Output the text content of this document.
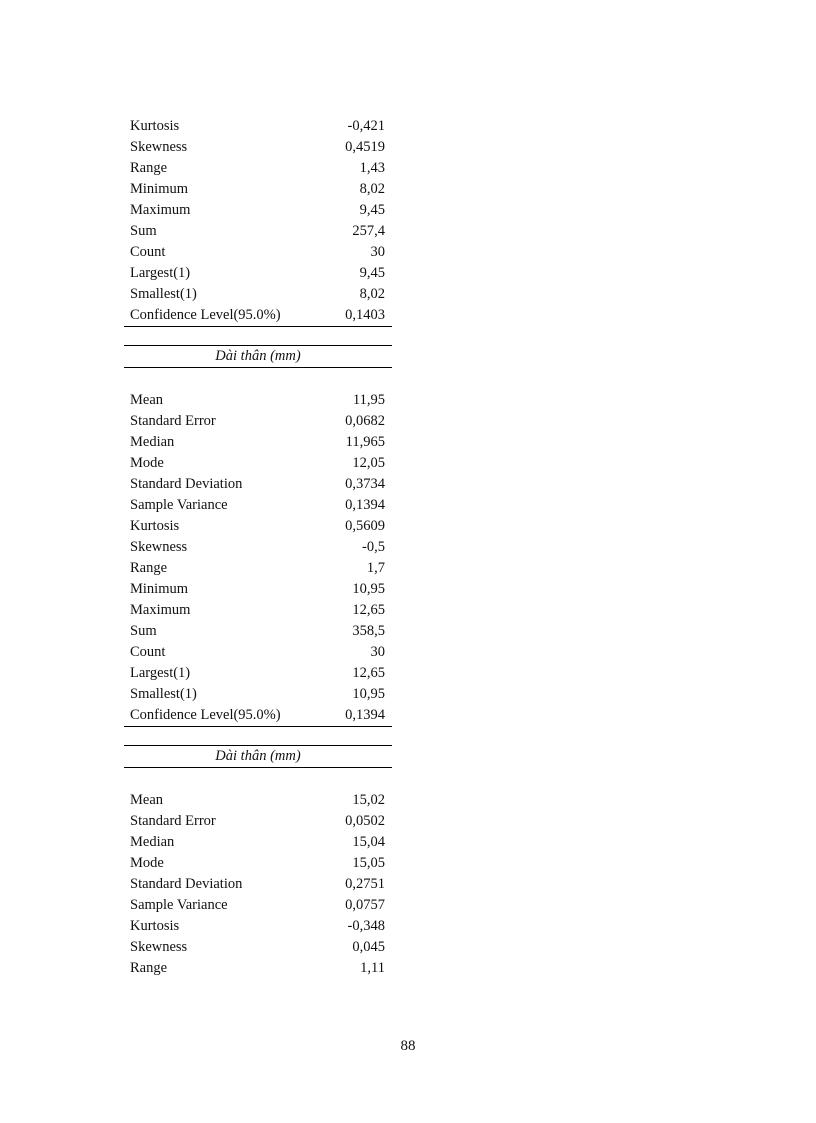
Kurtosis	-0,421
Skewness	0,4519
Range	1,43
Minimum	8,02
Maximum	9,45
Sum	257,4
Count	30
Largest(1)	9,45
Smallest(1)	8,02
Confidence Level(95.0%)	0,1403
Dài thân (mm)
Mean	11,95
Standard Error	0,0682
Median	11,965
Mode	12,05
Standard Deviation	0,3734
Sample Variance	0,1394
Kurtosis	0,5609
Skewness	-0,5
Range	1,7
Minimum	10,95
Maximum	12,65
Sum	358,5
Count	30
Largest(1)	12,65
Smallest(1)	10,95
Confidence Level(95.0%)	0,1394
Dài thân (mm)
Mean	15,02
Standard Error	0,0502
Median	15,04
Mode	15,05
Standard Deviation	0,2751
Sample Variance	0,0757
Kurtosis	-0,348
Skewness	0,045
Range	1,11
88
